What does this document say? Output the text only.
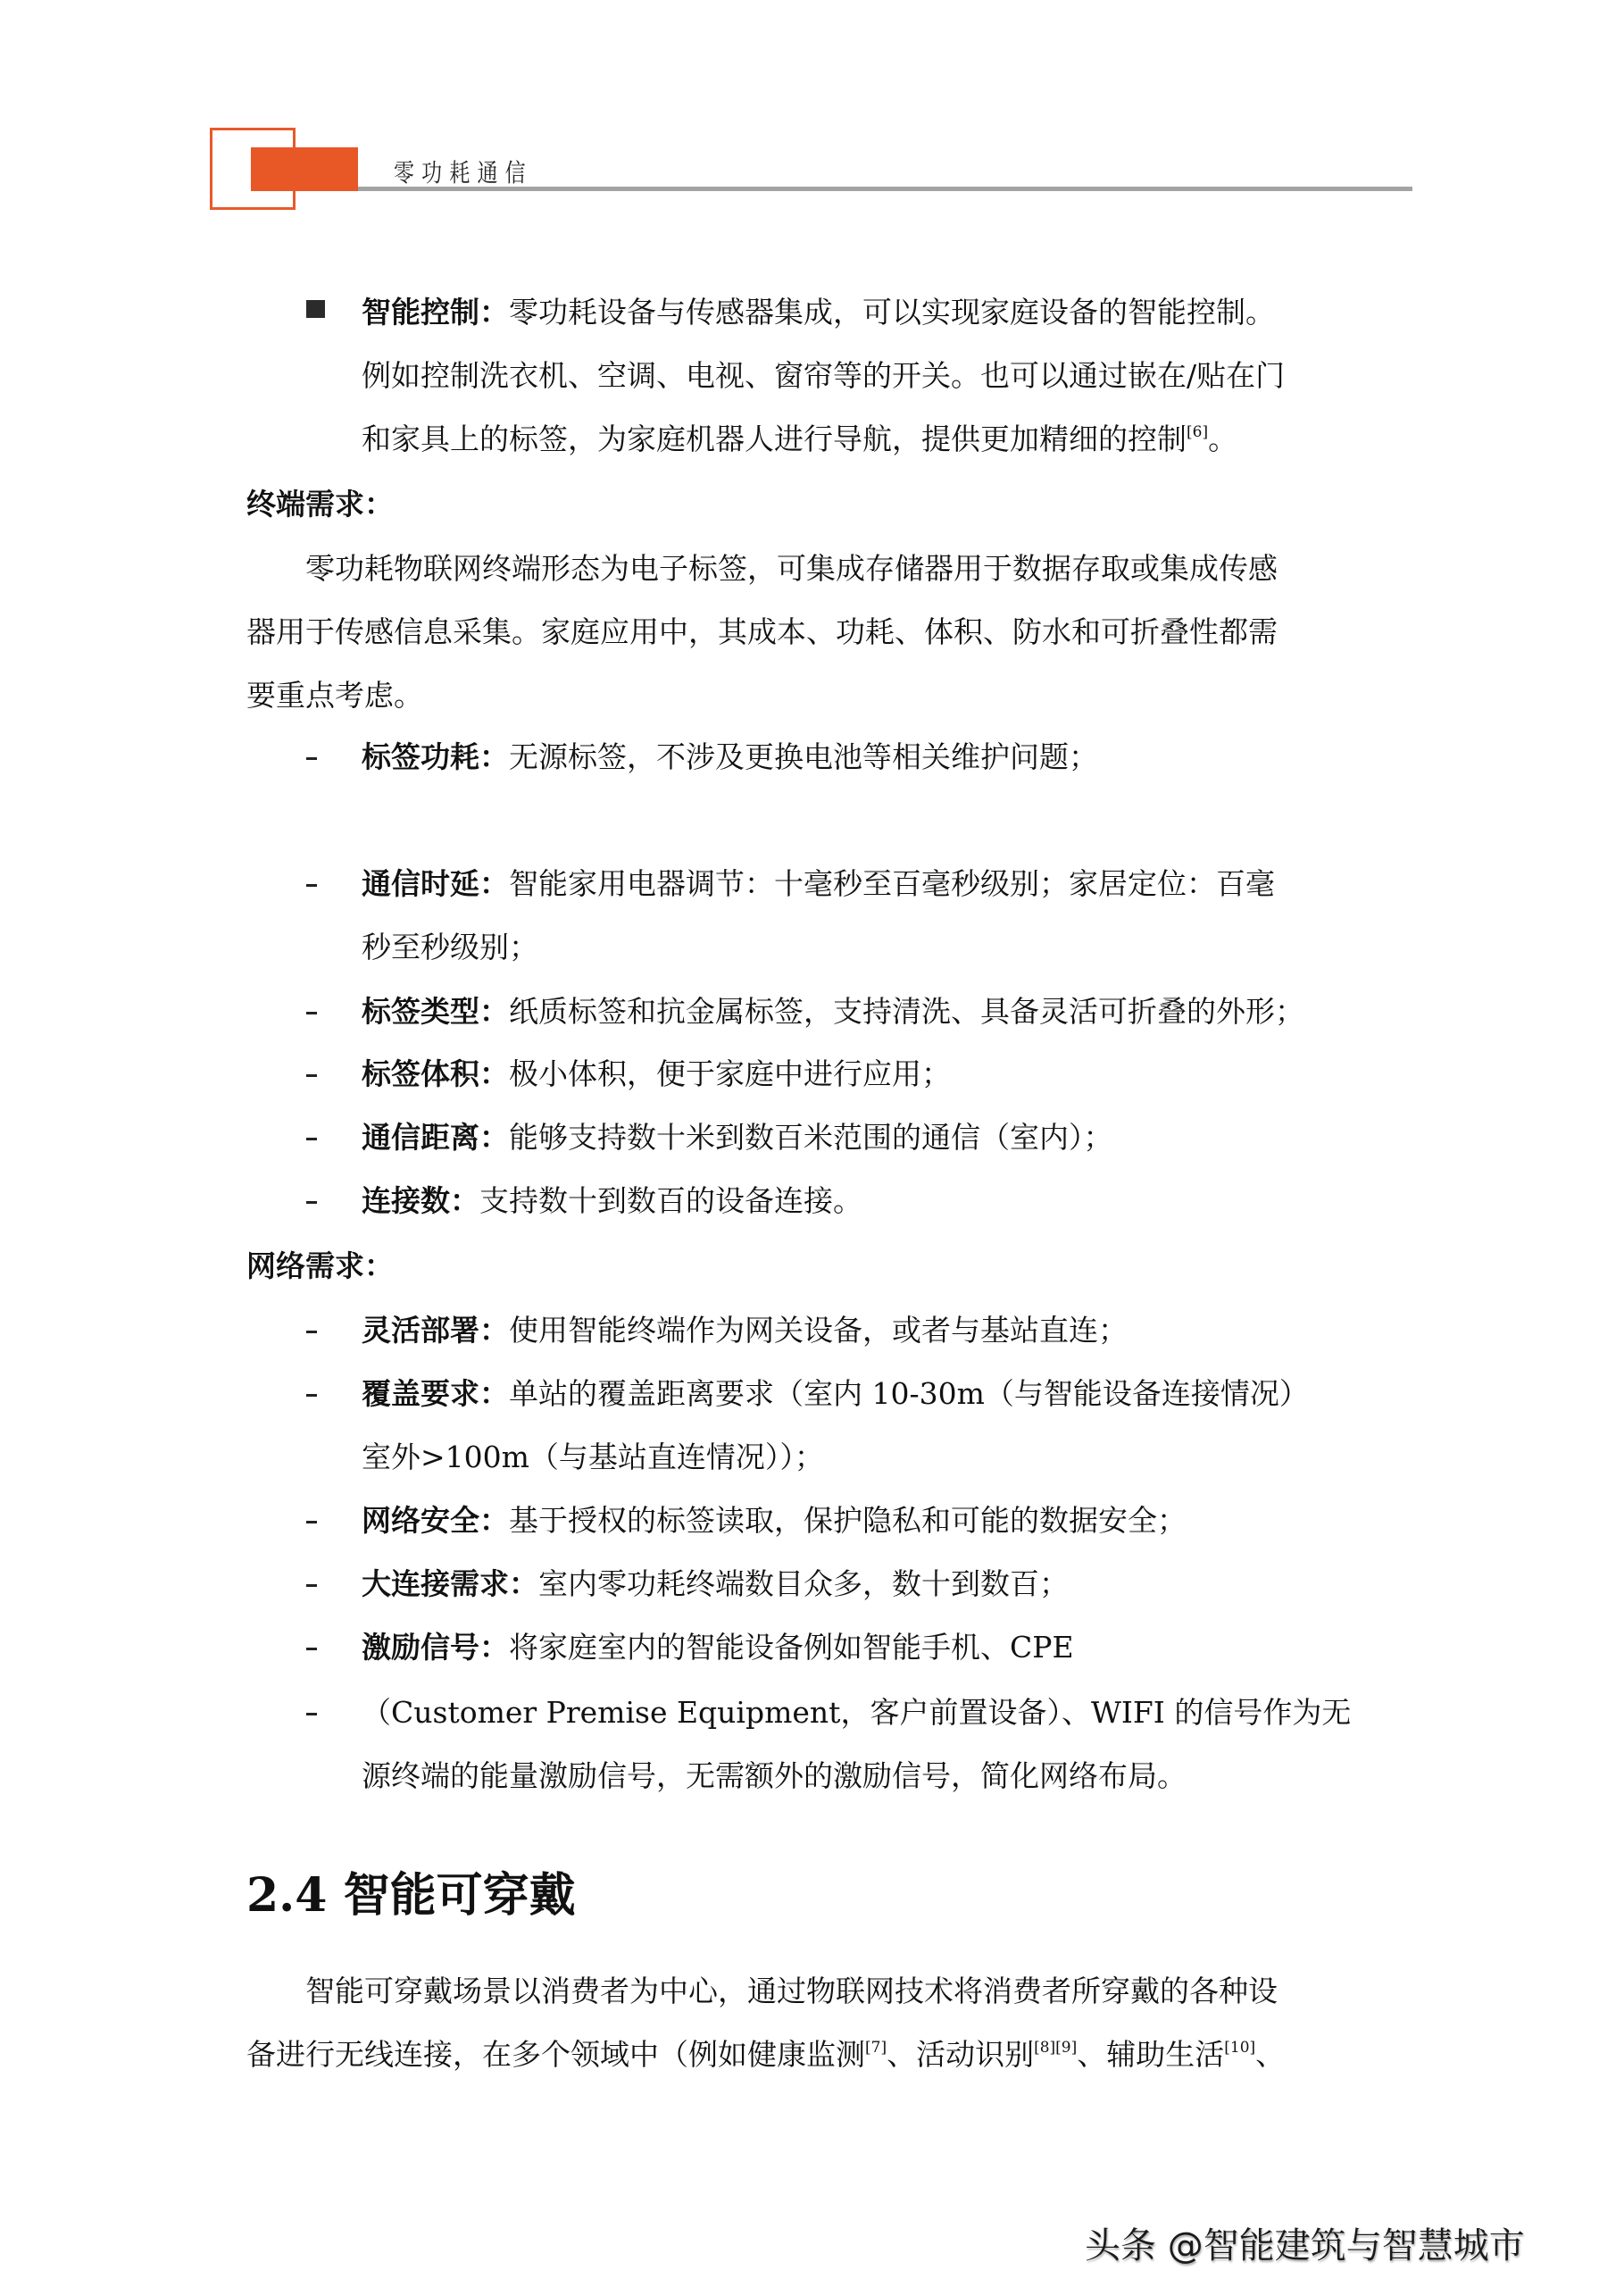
零功耗通信
智能控制：零功耗设备与传感器集成，可以实现家庭设备的智能控制。
例如控制洗衣机、空调、电视、窗帘等的开关。也可以通过嵌在/贴在门
和家具上的标签，为家庭机器人进行导航，提供更加精细的控制[6]。
终端需求：
零功耗物联网终端形态为电子标签，可集成存储器用于数据存取或集成传感
器用于传感信息采集。家庭应用中，其成本、功耗、体积、防水和可折叠性都需
要重点考虑。
标签功耗：无源标签，不涉及更换电池等相关维护问题；
通信时延：智能家用电器调节：十毫秒至百毫秒级别；家居定位：百毫
秒至秒级别；
标签类型：纸质标签和抗金属标签，支持清洗、具备灵活可折叠的外形；
标签体积：极小体积，便于家庭中进行应用；
通信距离：能够支持数十米到数百米范围的通信（室内）；
连接数：支持数十到数百的设备连接。
网络需求：
灵活部署：使用智能终端作为网关设备，或者与基站直连；
覆盖要求：单站的覆盖距离要求（室内 10-30m（与智能设备连接情况）
室外>100m（与基站直连情况））；
网络安全：基于授权的标签读取，保护隐私和可能的数据安全；
大连接需求：室内零功耗终端数目众多，数十到数百；
激励信号：将家庭室内的智能设备例如智能手机、CPE
（Customer Premise Equipment，客户前置设备）、WIFI 的信号作为无
源终端的能量激励信号，无需额外的激励信号，简化网络布局。
2.4 智能可穿戴
智能可穿戴场景以消费者为中心，通过物联网技术将消费者所穿戴的各种设
备进行无线连接，在多个领域中（例如健康监测[7]、活动识别[8][9]、辅助生活[10]、
头条 @智能建筑与智慧城市
